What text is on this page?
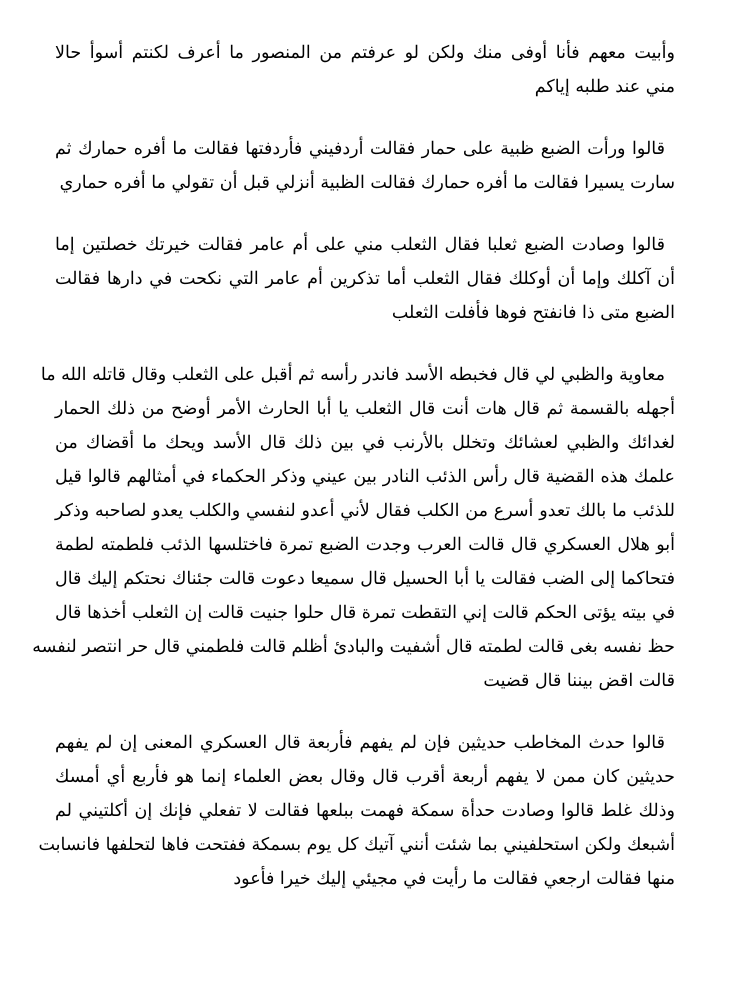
وأبيت معهم فأنا أوفى منك ولكن لو عرفتم من المنصور ما أعرف لكنتم أسوأ حالا
مني عند طلبه إياكم
قالوا ورأت الضبع ظبية على حمار فقالت أردفيني فأردفتها فقالت ما أفره حمارك ثم
سارت يسيرا فقالت ما أفره حمارك فقالت الظبية أنزلي قبل أن تقولي ما أفره حماري
قالوا وصادت الضبع ثعلبا فقال الثعلب مني على أم عامر فقالت خيرتك خصلتين إما
أن آكلك وإما أن أوكلك فقال الثعلب أما تذكرين أم عامر التي نكحت في دارها فقالت
الضبع متى ذا فانفتح فوها فأفلت الثعلب
معاوية والظبي لي قال فخبطه الأسد فاندر رأسه ثم أقبل على الثعلب وقال قاتله الله ما
أجهله بالقسمة ثم قال هات أنت قال الثعلب يا أبا الحارث الأمر أوضح من ذلك الحمار
لغدائك والظبي لعشائك وتخلل بالأرنب في بين ذلك قال الأسد ويحك ما أقضاك من
علمك هذه القضية قال رأس الذئب النادر بين عيني وذكر الحكماء في أمثالهم قالوا قيل
للذئب ما بالك تعدو أسرع من الكلب فقال لأني أعدو لنفسي والكلب يعدو لصاحبه وذكر
أبو هلال العسكري قال قالت العرب وجدت الضبع تمرة فاختلسها الذئب فلطمته لطمة
فتحاكما إلى الضب فقالت يا أبا الحسيل قال سميعا دعوت قالت جئناك نحتكم إليك قال
في بيته يؤتى الحكم قالت إني التقطت تمرة قال حلوا جنيت قالت إن الثعلب أخذها قال
حظ نفسه بغى قالت لطمته قال أشفيت والبادئ أظلم قالت فلطمني قال حر انتصر لنفسه
قالت اقض بيننا قال قضيت
قالوا حدث المخاطب حديثين فإن لم يفهم فأربعة قال العسكري المعنى إن لم يفهم
حديثين كان ممن لا يفهم أربعة أقرب قال وقال بعض العلماء إنما هو فأربع أي أمسك
وذلك غلط قالوا وصادت حدأة سمكة فهمت ببلعها فقالت لا تفعلي فإنك إن أكلتيني لم
أشبعك ولكن استحلفيني بما شئت أنني آتيك كل يوم بسمكة ففتحت فاها لتحلفها فانسابت
منها فقالت ارجعي فقالت ما رأيت في مجيئي إليك خيرا فأعود
